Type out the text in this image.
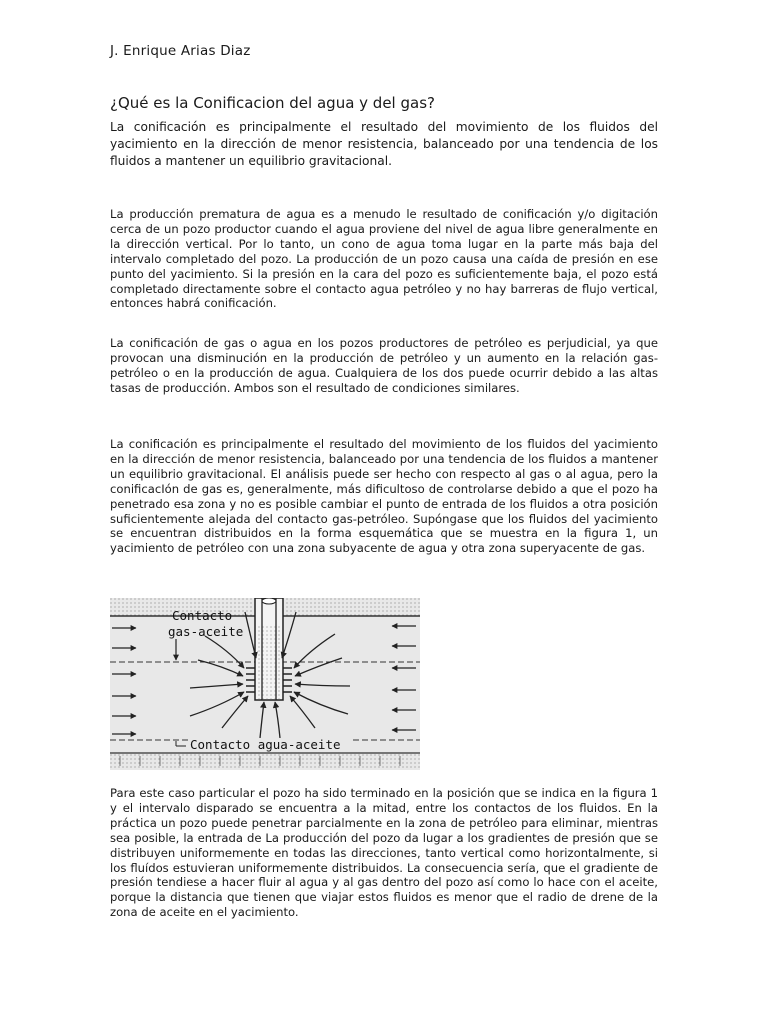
J. Enrique Arias Diaz
¿Qué es la Conificacion del agua y del gas?

La conificación es principalmente el resultado del movimiento de los fluidos del yacimiento en la dirección de menor resistencia, balanceado por una tendencia de los fluidos a mantener un equilibrio gravitacional.

La producción prematura de agua es a menudo le resultado de conificación y/o digitación cerca de un pozo productor cuando el agua proviene del nivel de agua libre generalmente en la dirección vertical. Por lo tanto, un cono de agua toma lugar en la parte más baja del intervalo completado del pozo. La producción de un pozo causa una caída de presión en ese punto del yacimiento. Si la presión en la cara del pozo es suficientemente baja, el pozo está completado directamente sobre el contacto agua petróleo y no hay barreras de flujo vertical, entonces habrá conificación.

La conificación de gas o agua en los pozos productores de petróleo es perjudicial, ya que provocan una disminución en la producción de petróleo y un aumento en la relación gas-petróleo o en la producción de agua. Cualquiera de los dos puede ocurrir debido a las altas tasas de producción. Ambos son el resultado de condiciones similares.

La conificación es principalmente el resultado del movimiento de los fluidos del yacimiento en la dirección de menor resistencia, balanceado por una tendencia de los fluidos a mantener un equilibrio gravitacional. El análisis puede ser hecho con respecto al gas o al agua, pero la conificacIón de gas es, generalmente, más dificultoso de controlarse debido a que el pozo ha penetrado esa zona y no es posible cambiar el punto de entrada de los fluidos a otra posición suficientemente alejada del contacto gas-petróleo. Supóngase que los fluidos del yacimiento se encuentran distribuidos en la forma esquemática que se muestra en la figura 1, un yacimiento de petróleo con una zona subyacente de agua y otra zona superyacente de gas.

Contacto
gas-aceite
Contacto agua-aceite

Para este caso particular el pozo ha sido terminado en la posición que se indica en la figura 1 y el intervalo disparado se encuentra a la mitad, entre los contactos de los fluidos. En la práctica un pozo puede penetrar parcialmente en la zona de petróleo para eliminar, mientras sea posible, la entrada de La producción del pozo da lugar a los gradientes de presión que se distribuyen uniformemente en todas las direcciones, tanto vertical como horizontalmente, si los fluídos estuvieran uniformemente distribuidos. La consecuencia sería, que el gradiente de presión tendiese a hacer fluir al agua y al gas dentro del pozo así como lo hace con el aceite, porque la distancia que tienen que viajar estos fluidos es menor que el radio de drene de la zona de aceite en el yacimiento.
